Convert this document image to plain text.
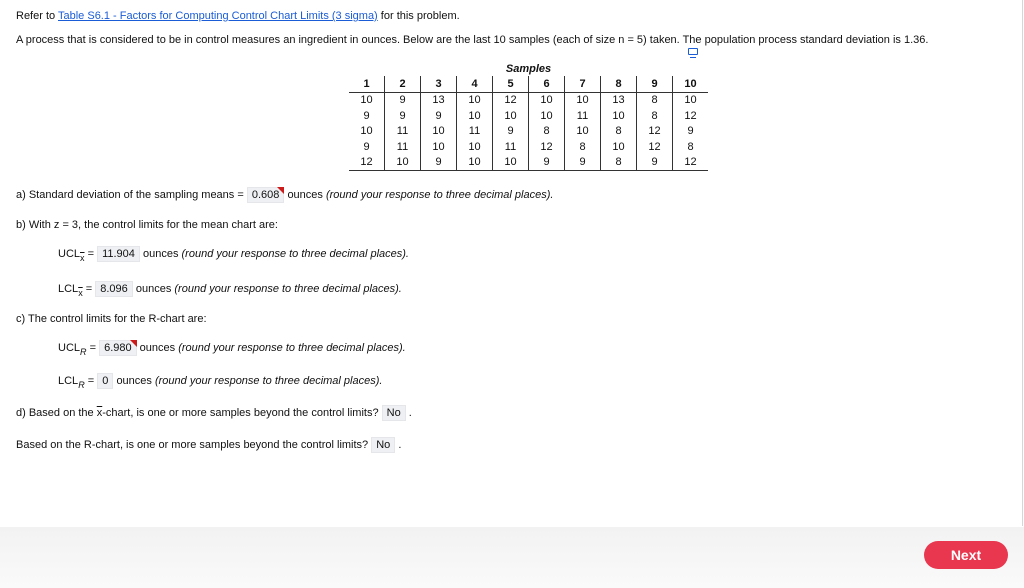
Refer to Table S6.1 - Factors for Computing Control Chart Limits (3 sigma) for this problem.
A process that is considered to be in control measures an ingredient in ounces. Below are the last 10 samples (each of size n = 5) taken. The population process standard deviation is 1.36.
Samples									
1	2	3	4	5	6	7	8	9	10
10	9	13	10	12	10	10	13	8	10
9	9	9	10	10	10	11	10	8	12
10	11	10	11	9	8	10	8	12	9
9	11	10	10	11	12	8	10	12	8
12	10	9	10	10	9	9	8	9	12
a) Standard deviation of the sampling means = 0.608 ounces (round your response to three decimal places).
b) With z = 3, the control limits for the mean chart are:
$UCL_{\overline{x}} = 11.904$ ounces (round your response to three decimal places).
$LCL_{\overline{x}} = 8.096$ ounces (round your response to three decimal places).
c) The control limits for the R-chart are:
$UCL_R = 6.980$ ounces (round your response to three decimal places).
$LCL_R = 0$ ounces (round your response to three decimal places).
d) Based on the $\overline{x}$-chart, is one or more samples beyond the control limits? No .
Based on the R-chart, is one or more samples beyond the control limits? No .
Next
